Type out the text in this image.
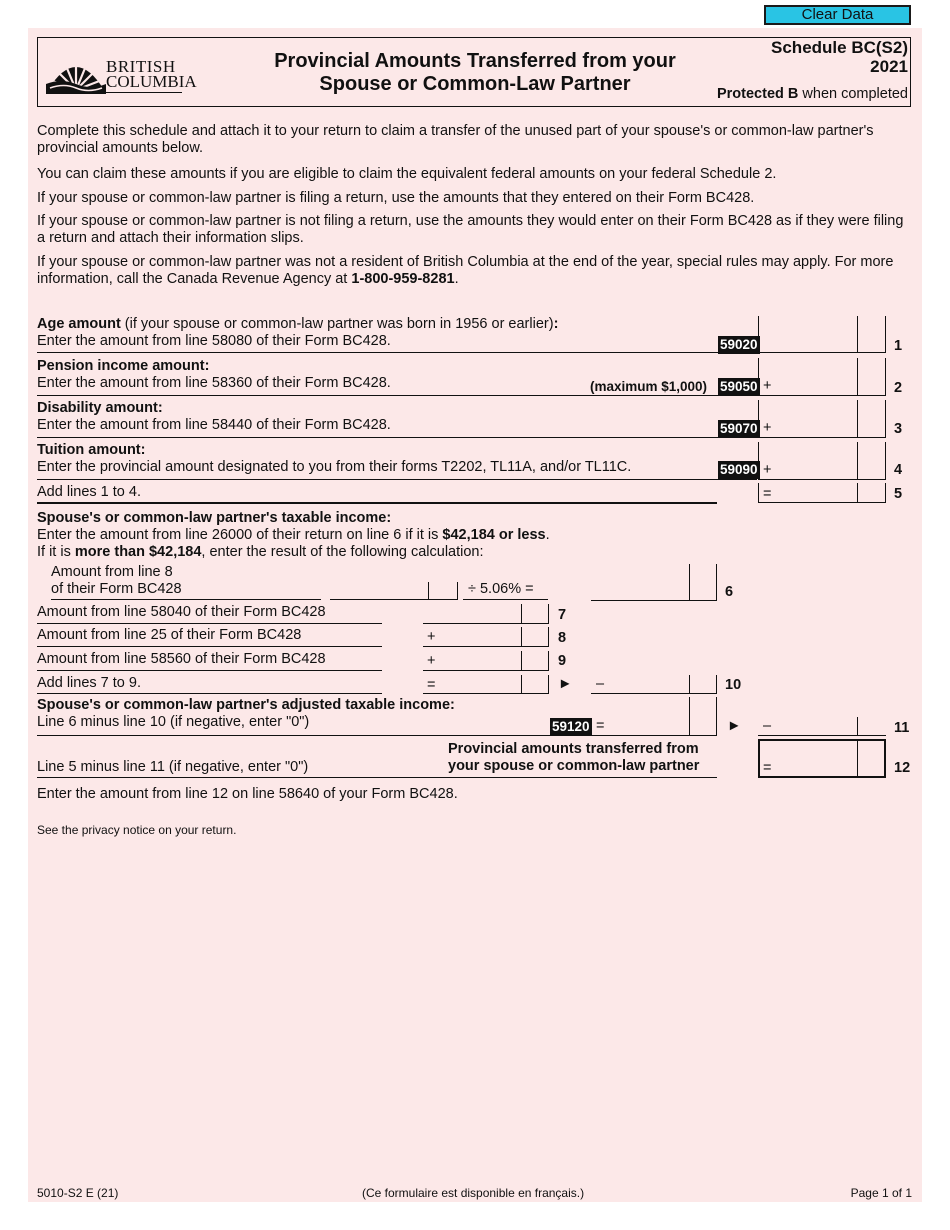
Clear Data
BRITISH
COLUMBIA
Provincial Amounts Transferred from your
Spouse or Common-Law Partner
Schedule BC(S2)
2021
Protected B when completed

Complete this schedule and attach it to your return to claim a transfer of the unused part of your spouse's or common-law partner's provincial amounts below.

You can claim these amounts if you are eligible to claim the equivalent federal amounts on your federal Schedule 2.

If your spouse or common-law partner is filing a return, use the amounts that they entered on their Form BC428.

If your spouse or common-law partner is not filing a return, use the amounts they would enter on their Form BC428 as if they were filing a return and attach their information slips.

If your spouse or common-law partner was not a resident of British Columbia at the end of the year, special rules may apply. For more information, call the Canada Revenue Agency at 1-800-959-8281.

Age amount (if your spouse or common-law partner was born in 1956 or earlier):
Enter the amount from line 58080 of their Form BC428.	59020	1
Pension income amount:
Enter the amount from line 58360 of their Form BC428.	(maximum $1,000) 59050 +	2
Disability amount:
Enter the amount from line 58440 of their Form BC428.	59070 +	3
Tuition amount:
Enter the provincial amount designated to you from their forms T2202, TL11A, and/or TL11C.	59090 +	4
Add lines 1 to 4.	=	5
Spouse's or common-law partner's taxable income:
Enter the amount from line 26000 of their return on line 6 if it is $42,184 or less.
If it is more than $42,184, enter the result of the following calculation:
Amount from line 8
of their Form BC428	÷ 5.06% =	6
Amount from line 58040 of their Form BC428	7
Amount from line 25 of their Form BC428	+	8
Amount from line 58560 of their Form BC428	+	9
Add lines 7 to 9.	=	► –	10
Spouse's or common-law partner's adjusted taxable income:
Line 6 minus line 10 (if negative, enter "0")	59120 =	► –	11
Line 5 minus line 11 (if negative, enter "0")
Provincial amounts transferred from
your spouse or common-law partner	=	12
Enter the amount from line 12 on line 58640 of your Form BC428.
See the privacy notice on your return.
5010-S2 E (21)	(Ce formulaire est disponible en français.)	Page 1 of 1
